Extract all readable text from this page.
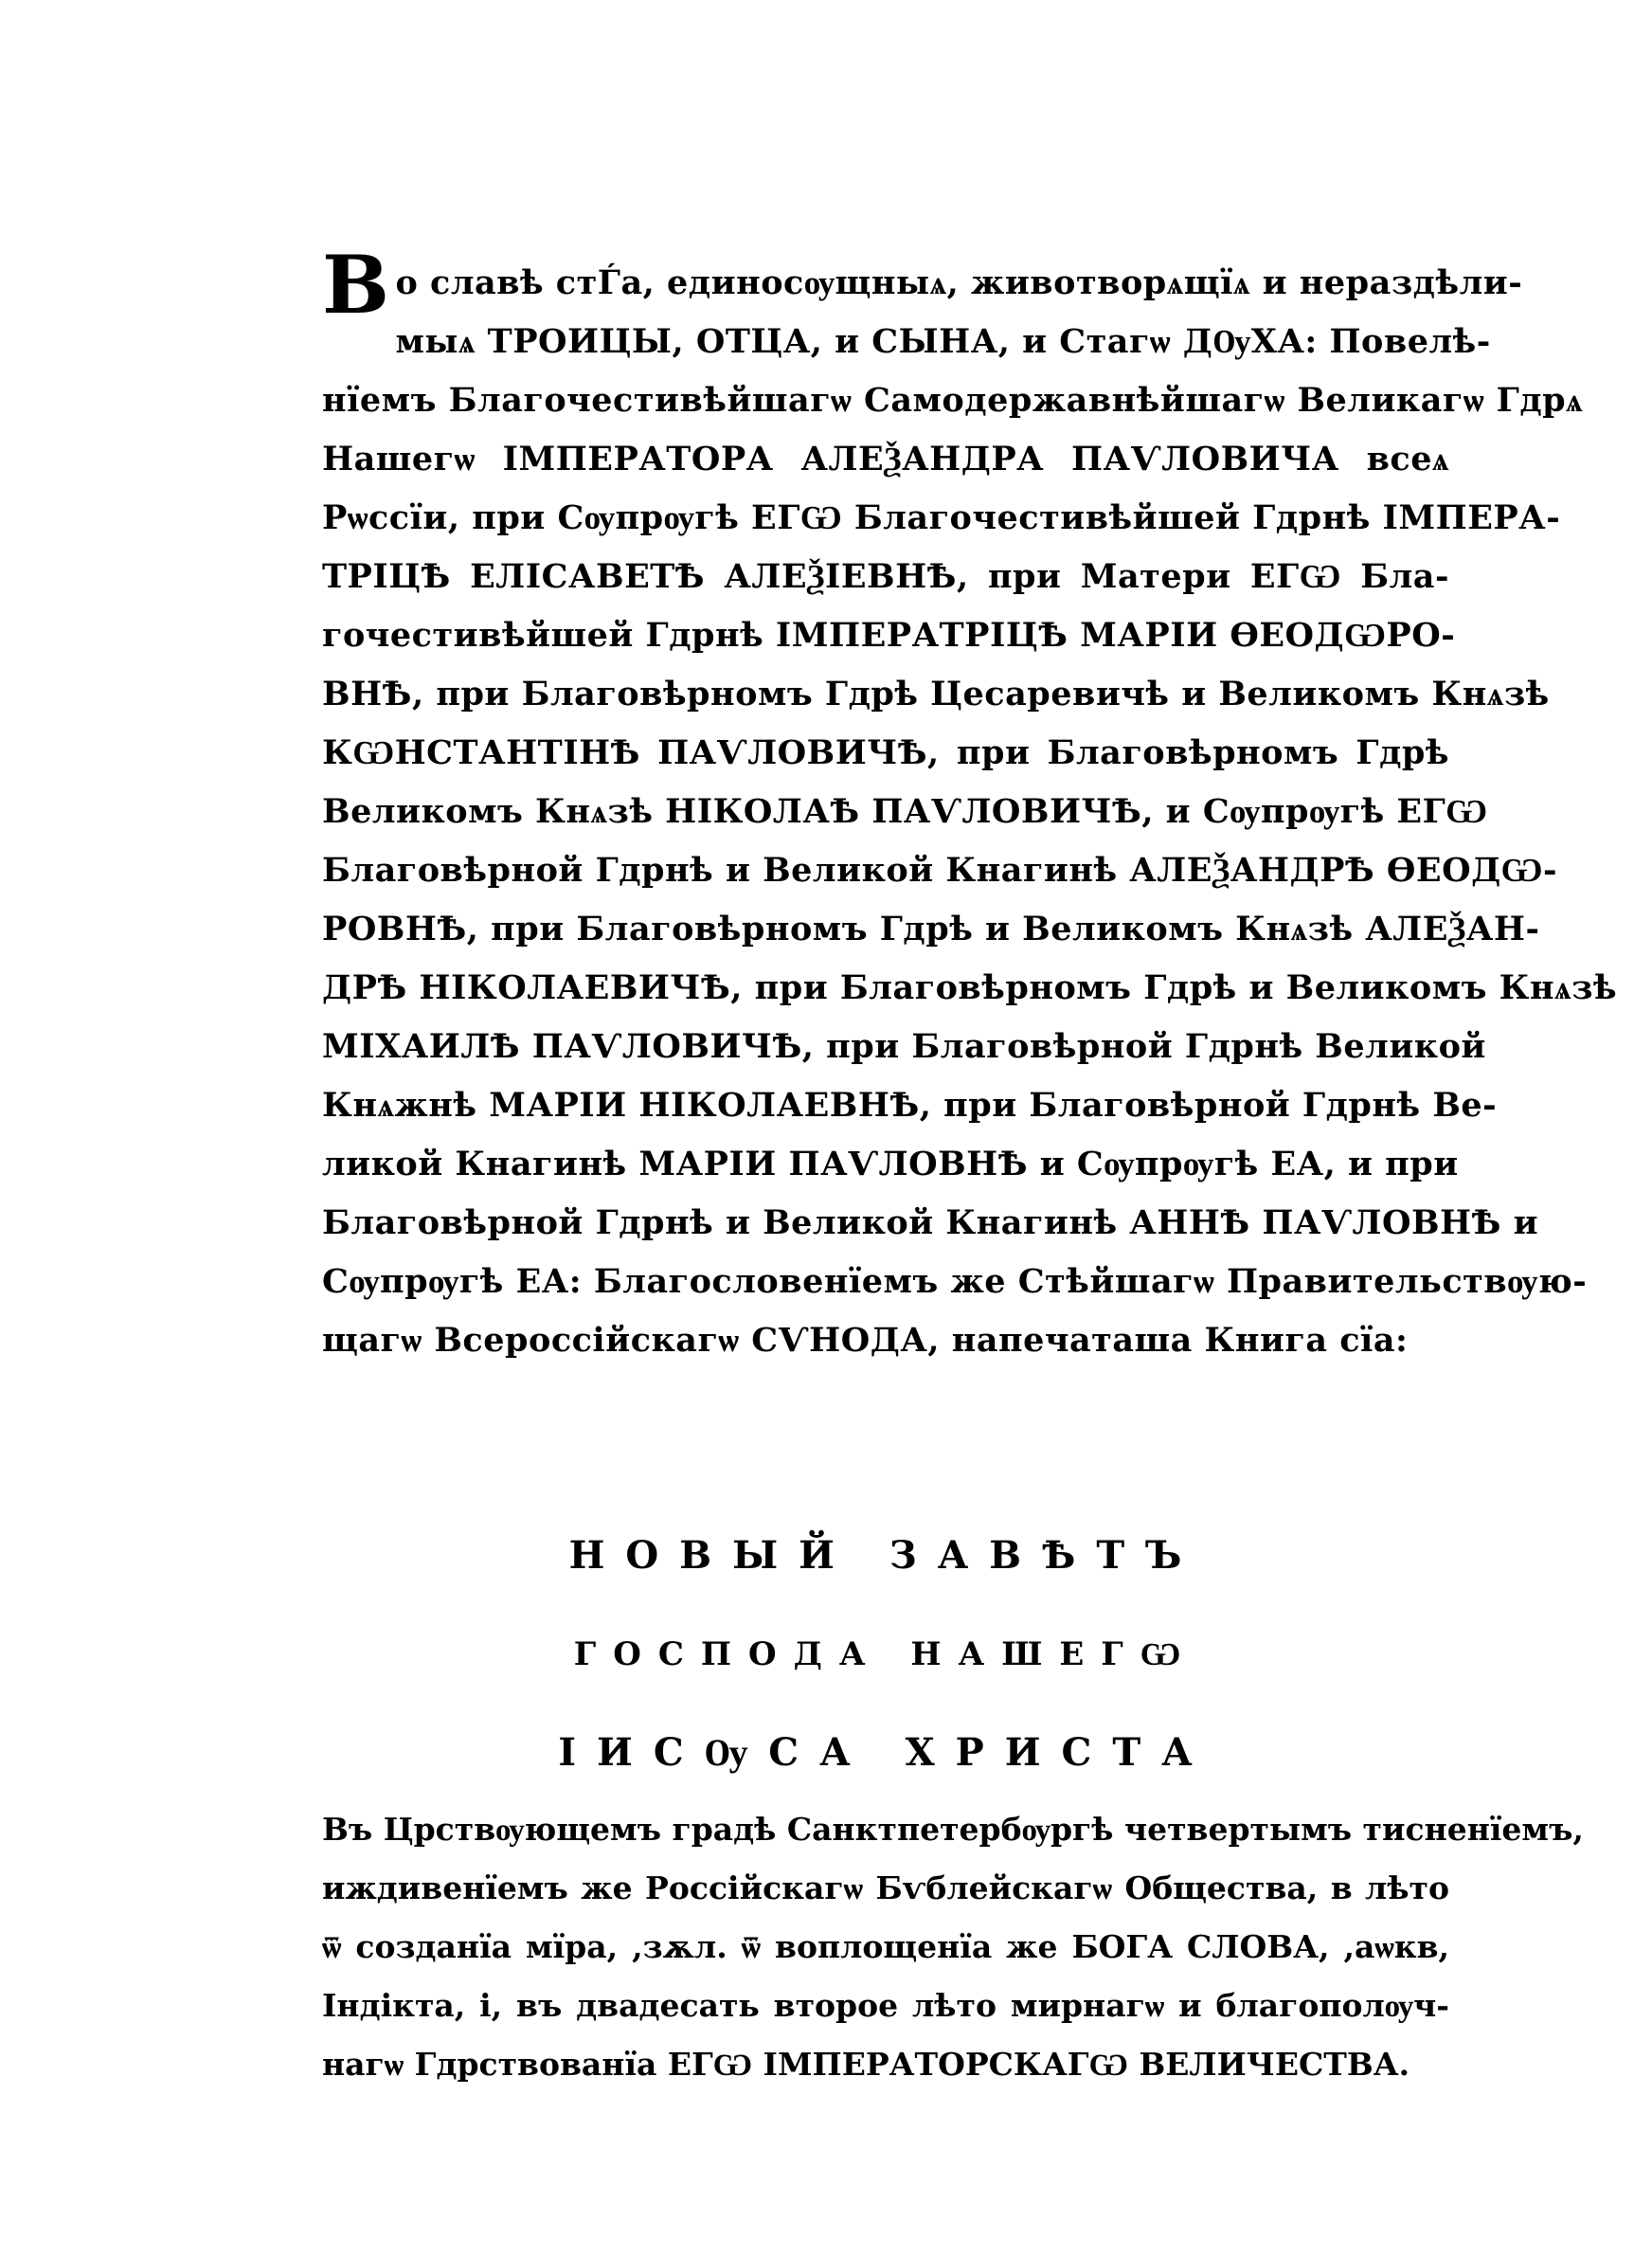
В о славѣ стЃа, единосѹщныѧ, животворѧщїѧ и нераздѣли-
мыѧ ТРОИЦЫ, ОТЦА, и СЫНА, и Стагѡ ДѸХА: Повелѣ-
нїемъ Благочестивѣйшагѡ Самодержавнѣйшагѡ Великагѡ Гдрѧ
Нашегѡ ІМПЕРАТОРА АЛЕѮАНДРА ПАѴЛОВИЧА всеѧ
Рѡссїи, при Сѹпрѹгѣ ЕГѠ Благочестивѣйшей Гдрнѣ ІМПЕРА-
ТРІЦѢ ЕЛІСАВЕТѢ АЛЕѮІЕВНѢ, при Матери ЕГѠ Бла-
гочестивѣйшей Гдрнѣ ІМПЕРАТРІЦѢ МАРІИ ѲЕОДѠРО-
ВНѢ, при Благовѣрномъ Гдрѣ Цесаревичѣ и Великомъ Кнѧзѣ
КѠНСТАНТІНѢ ПАѴЛОВИЧѢ, при Благовѣрномъ Гдрѣ
Великомъ Кнѧзѣ НІКОЛАѢ ПАѴЛОВИЧѢ, и Сѹпрѹгѣ ЕГѠ
Благовѣрной Гдрнѣ и Великой Кнагинѣ АЛЕѮАНДРѢ ѲЕОДѠ-
РОВНѢ, при Благовѣрномъ Гдрѣ и Великомъ Кнѧзѣ АЛЕѮАН-
ДРѢ НІКОЛАЕВИЧѢ, при Благовѣрномъ Гдрѣ и Великомъ Кнѧзѣ
МІХАИЛѢ ПАѴЛОВИЧѢ, при Благовѣрной Гдрнѣ Великой
Кнѧжнѣ МАРІИ НІКОЛАЕВНѢ, при Благовѣрной Гдрнѣ Ве-
ликой Кнагинѣ МАРІИ ПАѴЛОВНѢ и Сѹпрѹгѣ ЕА, и при
Благовѣрной Гдрнѣ и Великой Кнагинѣ АННѢ ПАѴЛОВНѢ и
Сѹпрѹгѣ ЕА: Благословенїемъ же Стѣйшагѡ Правительствѹю-
щагѡ Всероссійскагѡ СѴНОДА, напечаташа Книга сїа:
НОВЫЙ ЗАВѢТЪ
ГОСПОДА НАШЕГѠ
ІИСѸСА ХРИСТА
Въ Црствѹющемъ градѣ Санктпетербѹргѣ четвертымъ тисненїемъ,
иждивенїемъ же Россійскагѡ Бѵблейскагѡ Общества, в лѣто
ѿ созданїа мїра, ,зѫл. ѿ воплощенїа же БОГА СЛОВА, ,аѡкв,
Індікта, і, въ двадесать второе лѣто мирнагѡ и благополѹч-
нагѡ Гдрствованїа ЕГѠ ІМПЕРАТОРСКАГѠ ВЕЛИЧЕСТВА.
